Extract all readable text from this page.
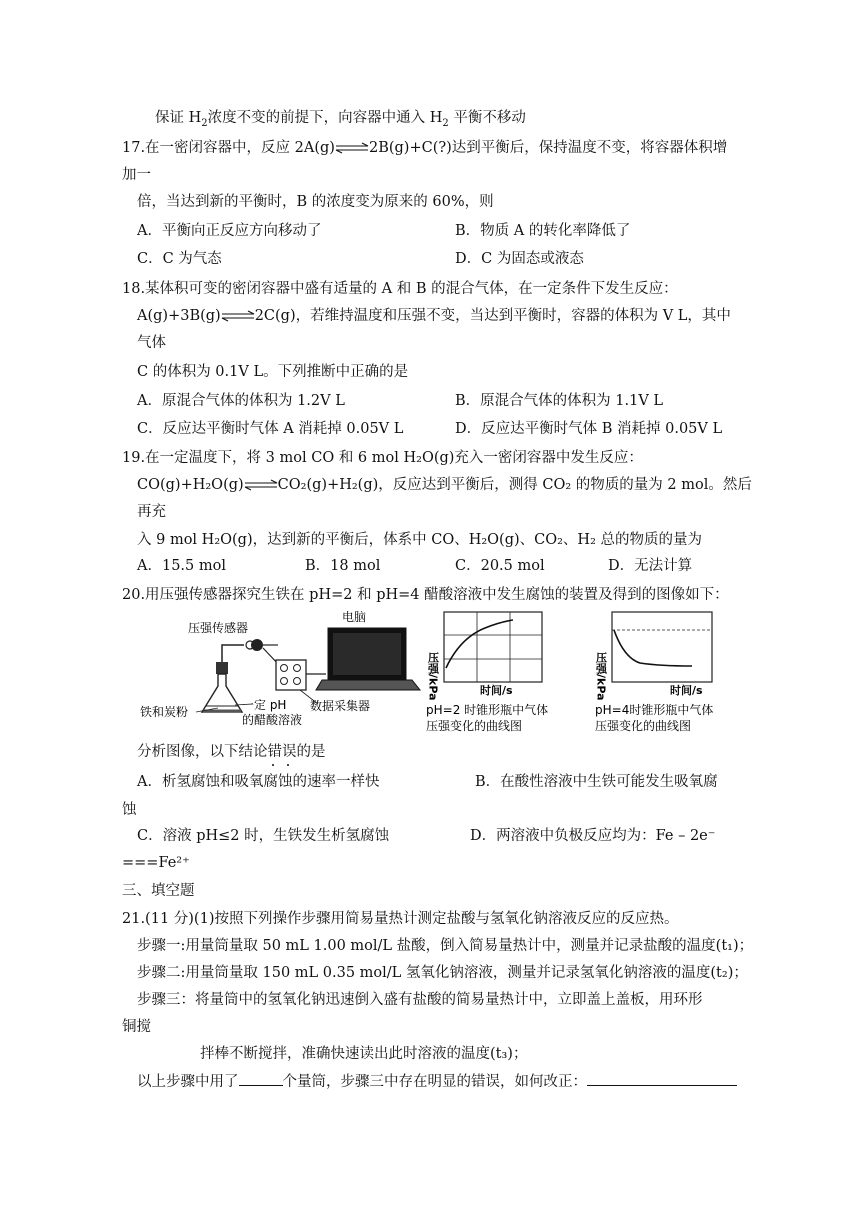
保证 $H_2$浓度不变的前提下，向容器中通入 $H_2$ 平衡不移动
17.在一密闭容器中，反应 2A(g)⇌2B(g)+C(?)达到平衡后，保持温度不变，将容器体积增
加一
倍，当达到新的平衡时，B 的浓度变为原来的 60%，则
A．平衡向正反应方向移动了	B．物质 A 的转化率降低了
C．C 为气态	D．C 为固态或液态
18.某体积可变的密闭容器中盛有适量的 A 和 B 的混合气体，在一定条件下发生反应：
A(g)+3B(g)⇌2C(g)，若维持温度和压强不变，当达到平衡时，容器的体积为 V L，其中
气体
C 的体积为 0.1V L。下列推断中正确的是
A．原混合气体的体积为 1.2V L	B．原混合气体的体积为 1.1V L
C．反应达平衡时气体 A 消耗掉 0.05V L	D．反应达平衡时气体 B 消耗掉 0.05V L
19.在一定温度下，将 3 mol CO 和 6 mol H₂O(g)充入一密闭容器中发生反应：
CO(g)+H₂O(g)⇌CO₂(g)+H₂(g)，反应达到平衡后，测得 CO₂ 的物质的量为 2 mol。然后
再充
入 9 mol H₂O(g)，达到新的平衡后，体系中 CO、H₂O(g)、CO₂、H₂ 总的物质的量为
A．15.5 mol	B．18 mol	C．20.5 mol	D．无法计算
20.用压强传感器探究生铁在 pH=2 和 pH=4 醋酸溶液中发生腐蚀的装置及得到的图像如下：
压强传感器
电脑
铁和炭粉	一定 pH
的醋酸溶液
数据采集器
压强/kPa	时间/s
pH=2 时锥形瓶中气体
压强变化的曲线图
压强/kPa	时间/s
pH=4时锥形瓶中气体
压强变化的曲线图
分析图像，以下结论错误
的是
A．析氢腐蚀和吸氧腐蚀的速率一样快	B．在酸性溶液中生铁可能发生吸氧腐
蚀
C．溶液 pH≤2 时，生铁发生析氢腐蚀	D．两溶液中负极反应均为：Fe – 2e⁻
===Fe²⁺
三、填空题
21.(11 分)(1)按照下列操作步骤用简易量热计测定盐酸与氢氧化钠溶液反应的反应热。
步骤一:用量筒量取 50 mL 1.00 mol/L 盐酸，倒入简易量热计中，测量并记录盐酸的温度(t₁)；
步骤二:用量筒量取 150 mL 0.35 mol/L 氢氧化钠溶液，测量并记录氢氧化钠溶液的温度(t₂)；
步骤三：将量筒中的氢氧化钠迅速倒入盛有盐酸的简易量热计中，立即盖上盖板，用环形
铜搅
拌棒不断搅拌，准确快速读出此时溶液的温度(t₃)；
以上步骤中用了	个量筒，步骤三中存在明显的错误，如何改正：
